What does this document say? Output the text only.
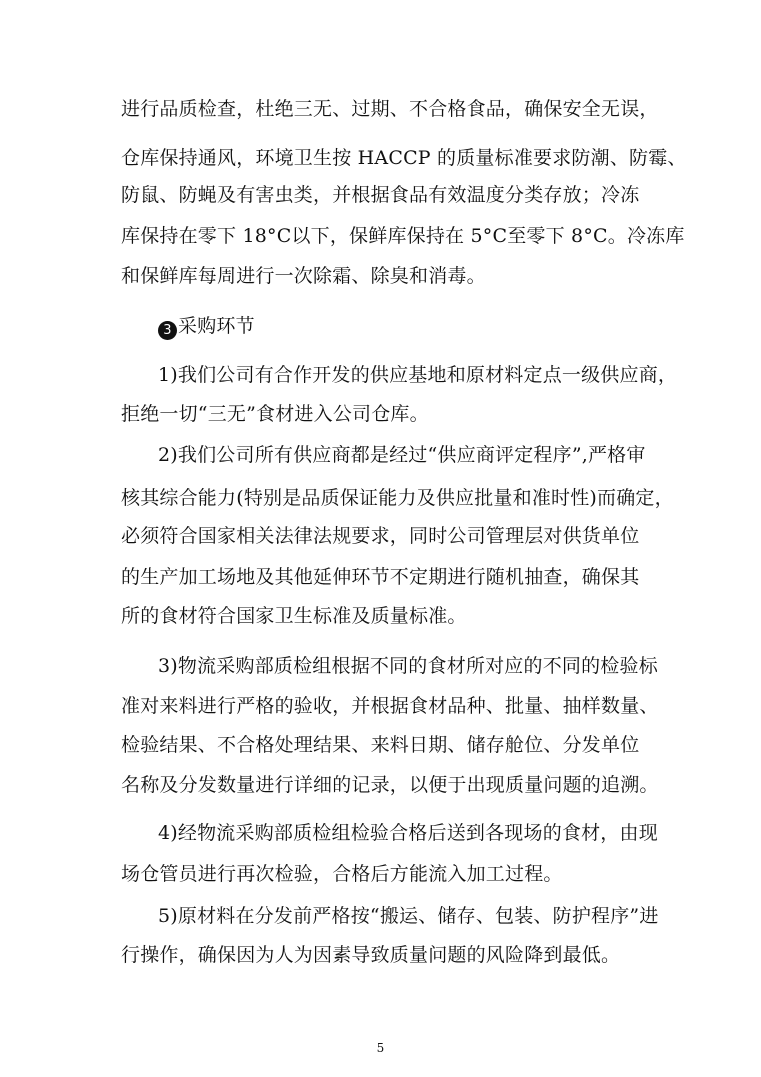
进行品质检查，杜绝三无、过期、不合格食品，确保安全无误，
仓库保持通风，环境卫生按 HACCP 的质量标准要求防潮、防霉、
防鼠、防蝇及有害虫类，并根据食品有效温度分类存放；冷冻
库保持在零下 18°C以下，保鲜库保持在 5°C至零下 8°C。冷冻库
和保鲜库每周进行一次除霜、除臭和消毒。
3 采购环节
1)我们公司有合作开发的供应基地和原材料定点一级供应商，
拒绝一切“三无”食材进入公司仓库。
2)我们公司所有供应商都是经过“供应商评定程序”,严格审
核其综合能力(特别是品质保证能力及供应批量和准时性)而确定，
必须符合国家相关法律法规要求，同时公司管理层对供货单位
的生产加工场地及其他延伸环节不定期进行随机抽查，确保其
所的食材符合国家卫生标准及质量标准。
3)物流采购部质检组根据不同的食材所对应的不同的检验标
准对来料进行严格的验收，并根据食材品种、批量、抽样数量、
检验结果、不合格处理结果、来料日期、储存舱位、分发单位
名称及分发数量进行详细的记录，以便于出现质量问题的追溯。
4)经物流采购部质检组检验合格后送到各现场的食材，由现
场仓管员进行再次检验，合格后方能流入加工过程。
5)原材料在分发前严格按“搬运、储存、包装、防护程序”进
行操作，确保因为人为因素导致质量问题的风险降到最低。
5
